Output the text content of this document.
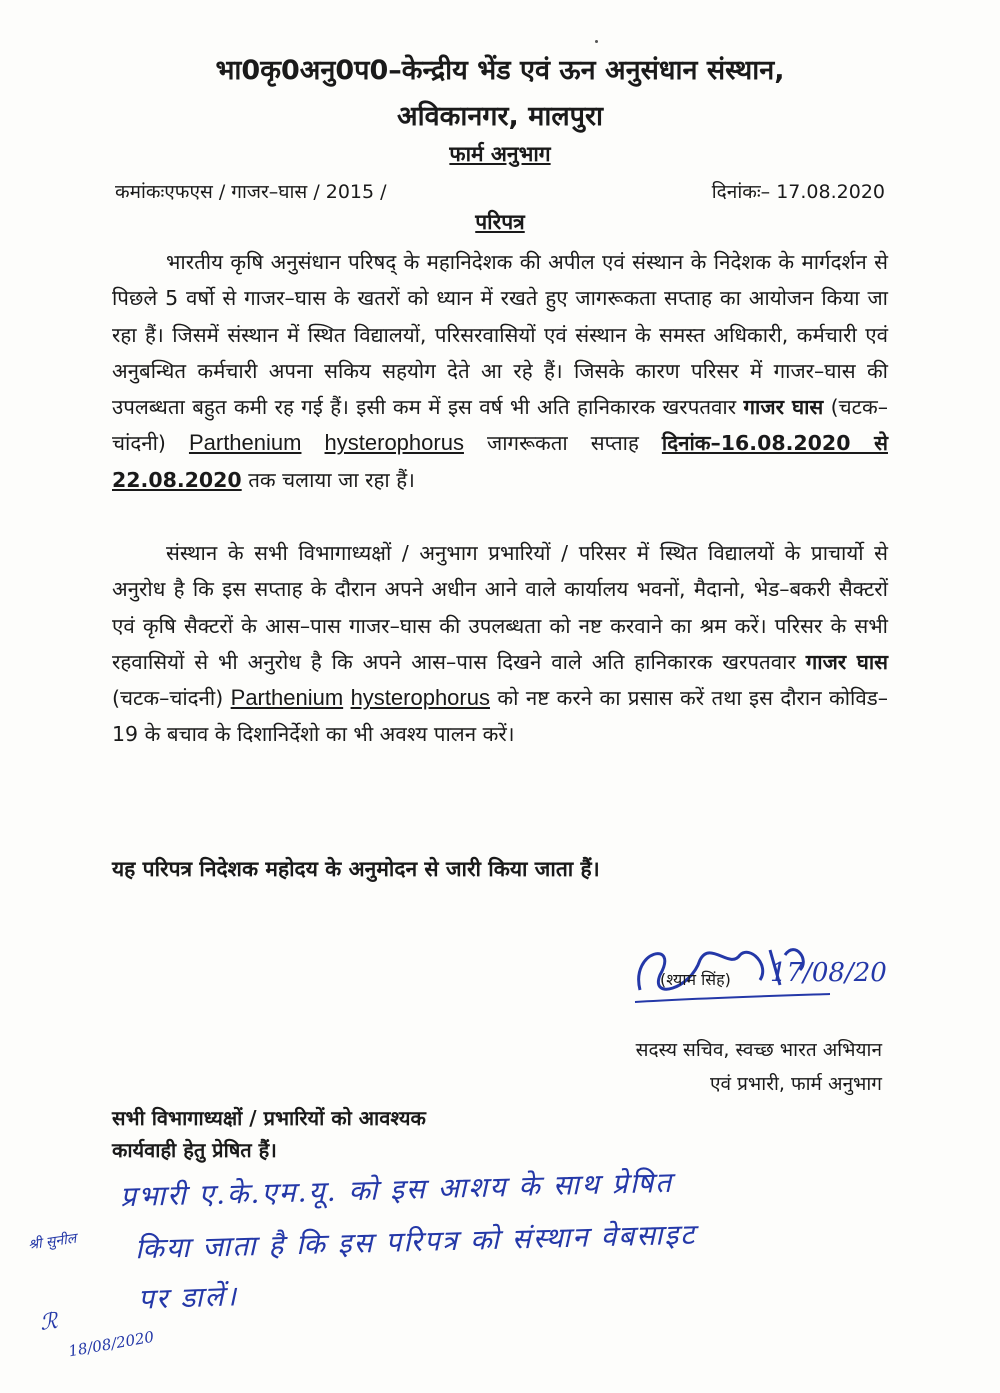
भा0कृ0अनु0प0–केन्द्रीय भेंड एवं ऊन अनुसंधान संस्थान,
अविकानगर, मालपुरा
फार्म अनुभाग
कमांकःएफएस / गाजर–घास / 2015 /	दिनांकः– 17.08.2020
परिपत्र
भारतीय कृषि अनुसंधान परिषद् के महानिदेशक की अपील एवं संस्थान के निदेशक के मार्गदर्शन से पिछले 5 वर्षो से गाजर–घास के खतरों को ध्यान में रखते हुए जागरूकता सप्ताह का आयोजन किया जा रहा हैं। जिसमें संस्थान में स्थित विद्यालयों, परिसरवासियों एवं संस्थान के समस्त अधिकारी, कर्मचारी एवं अनुबन्धित कर्मचारी अपना सकिय सहयोग देते आ रहे हैं। जिसके कारण परिसर में गाजर–घास की उपलब्धता बहुत कमी रह गई हैं। इसी कम में इस वर्ष भी अति हानिकारक खरपतवार गाजर घास (चटक–चांदनी) Parthenium hysterophorus जागरूकता सप्ताह दिनांक–16.08.2020 से 22.08.2020 तक चलाया जा रहा हैं।
संस्थान के सभी विभागाध्यक्षों / अनुभाग प्रभारियों / परिसर में स्थित विद्यालयों के प्राचार्यो से अनुरोध है कि इस सप्ताह के दौरान अपने अधीन आने वाले कार्यालय भवनों, मैदानो, भेड–बकरी सैक्टरों एवं कृषि सैक्टरों के आस–पास गाजर–घास की उपलब्धता को नष्ट करवाने का श्रम करें। परिसर के सभी रहवासियों से भी अनुरोध है कि अपने आस–पास दिखने वाले अति हानिकारक खरपतवार गाजर घास (चटक–चांदनी) Parthenium hysterophorus को नष्ट करने का प्रसास करें तथा इस दौरान कोविड–19 के बचाव के दिशानिर्देशो का भी अवश्य पालन करें।
यह परिपत्र निदेशक महोदय के अनुमोदन से जारी किया जाता हैं।
(श्याम सिंह) 17/08/20
सदस्य सचिव, स्वच्छ भारत अभियान
एवं प्रभारी, फार्म अनुभाग
सभी विभागाध्यक्षों / प्रभारियों को आवश्यक
कार्यवाही हेतु प्रेषित हैं।
प्रभारी ए.के.एम.यू. को इस आशय के साथ प्रेषित
किया जाता है कि इस परिपत्र को संस्थान वेबसाइट
पर डालें।
श्री सुनील
ℛ
18/08/2020
